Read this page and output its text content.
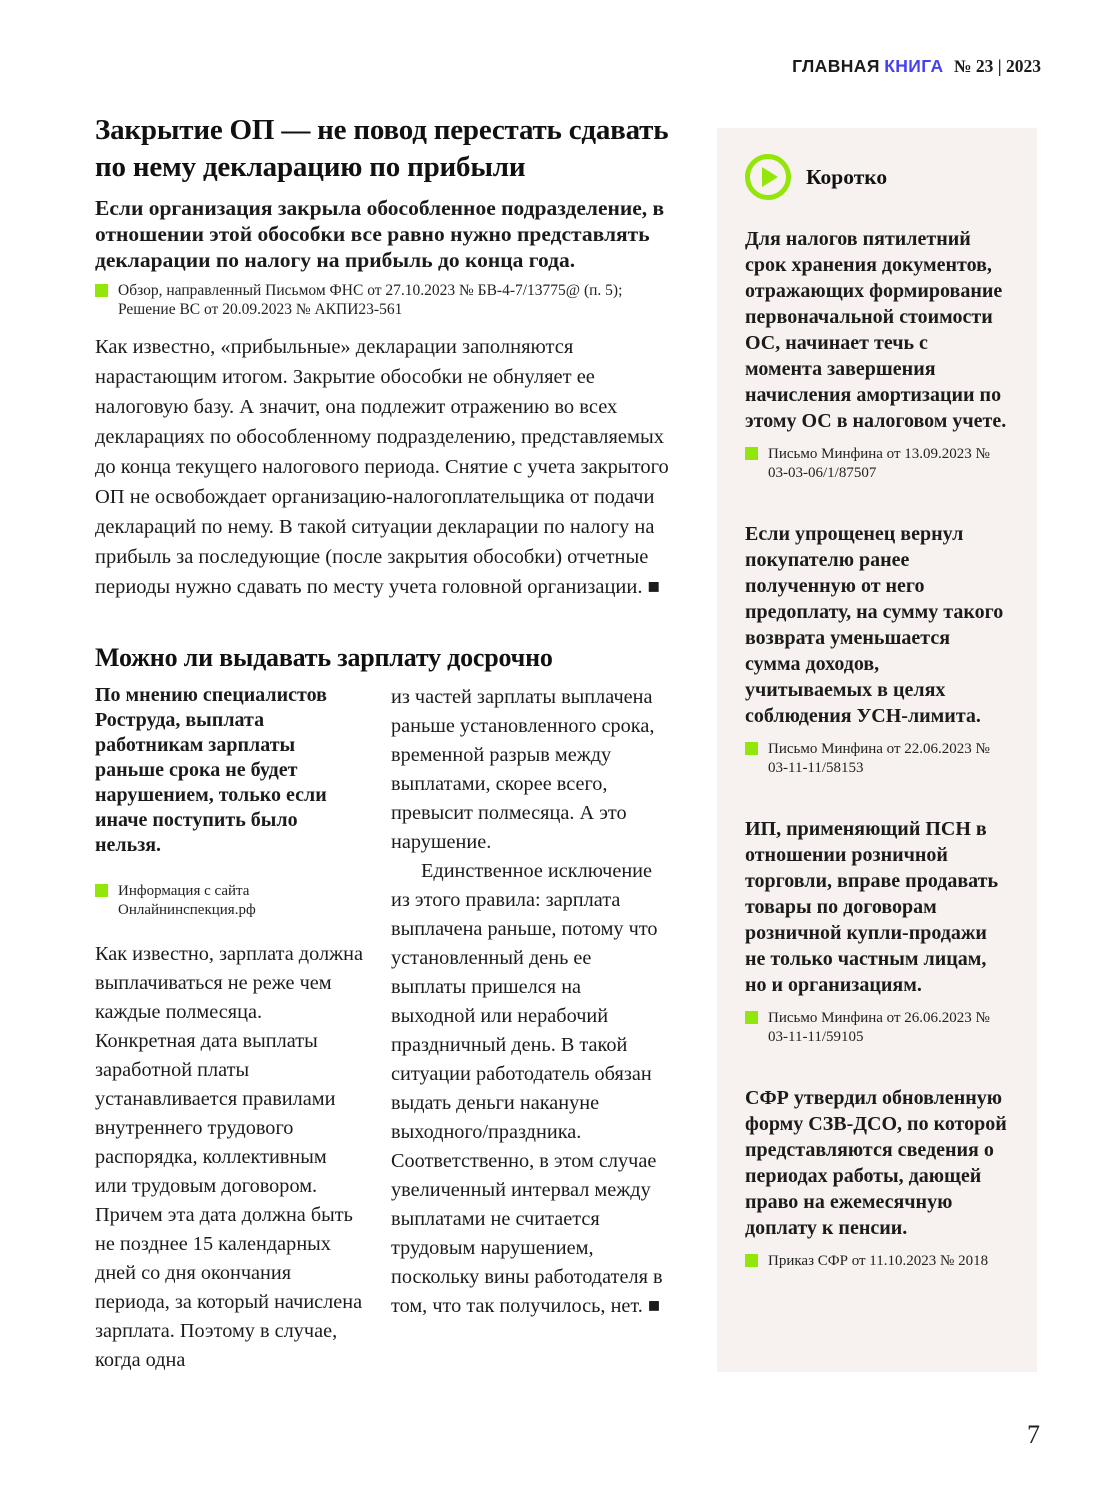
ГЛАВНАЯ КНИГА № 23 | 2023
Закрытие ОП — не повод перестать сдавать по нему декларацию по прибыли

Если организация закрыла обособленное подразделение, в отношении этой обособки все равно нужно представлять декларации по налогу на прибыль до конца года.

Обзор, направленный Письмом ФНС от 27.10.2023 № БВ-4-7/13775@ (п. 5); Решение ВС от 20.09.2023 № АКПИ23-561

Как известно, «прибыльные» декларации заполняются нарастающим итогом. Закрытие обособки не обнуляет ее налоговую базу. А значит, она подлежит отражению во всех декларациях по обособленному подразделению, представляемых до конца текущего налогового периода. Снятие с учета закрытого ОП не освобождает организацию-налогоплательщика от подачи деклараций по нему. В такой ситуации декларации по налогу на прибыль за последующие (после закрытия обособки) отчетные периоды нужно сдавать по месту учета головной организации. ■

Можно ли выдавать зарплату досрочно

По мнению специалистов Роструда, выплата работникам зарплаты раньше срока не будет нарушением, только если иначе поступить было нельзя.

Информация с сайта Онлайнинспекция.рф

Как известно, зарплата должна выплачиваться не реже чем каждые полмесяца. Конкретная дата выплаты заработной платы устанавливается правилами внутреннего трудового распорядка, коллективным или трудовым договором. Причем эта дата должна быть не позднее 15 календарных дней со дня окончания периода, за который начислена зарплата. Поэтому в случае, когда одна

из частей зарплаты выплачена раньше установленного срока, временной разрыв между выплатами, скорее всего, превысит полмесяца. А это нарушение.

Единственное исключение из этого правила: зарплата выплачена раньше, потому что установленный день ее выплаты пришелся на выходной или нерабочий праздничный день. В такой ситуации работодатель обязан выдать деньги накануне выходного/праздника. Соответственно, в этом случае увеличенный интервал между выплатами не считается трудовым нарушением, поскольку вины работодателя в том, что так получилось, нет. ■

Коротко

Для налогов пятилетний срок хранения документов, отражающих формирование первоначальной стоимости ОС, начинает течь с момента завершения начисления амортизации по этому ОС в налоговом учете.

Письмо Минфина от 13.09.2023 № 03-03-06/1/87507

Если упрощенец вернул покупателю ранее полученную от него предоплату, на сумму такого возврата уменьшается сумма доходов, учитываемых в целях соблюдения УСН-лимита.

Письмо Минфина от 22.06.2023 № 03-11-11/58153

ИП, применяющий ПСН в отношении розничной торговли, вправе продавать товары по договорам розничной купли-продажи не только частным лицам, но и организациям.

Письмо Минфина от 26.06.2023 № 03-11-11/59105

СФР утвердил обновленную форму СЗВ-ДСО, по которой представляются сведения о периодах работы, дающей право на ежемесячную доплату к пенсии.

Приказ СФР от 11.10.2023 № 2018
7
